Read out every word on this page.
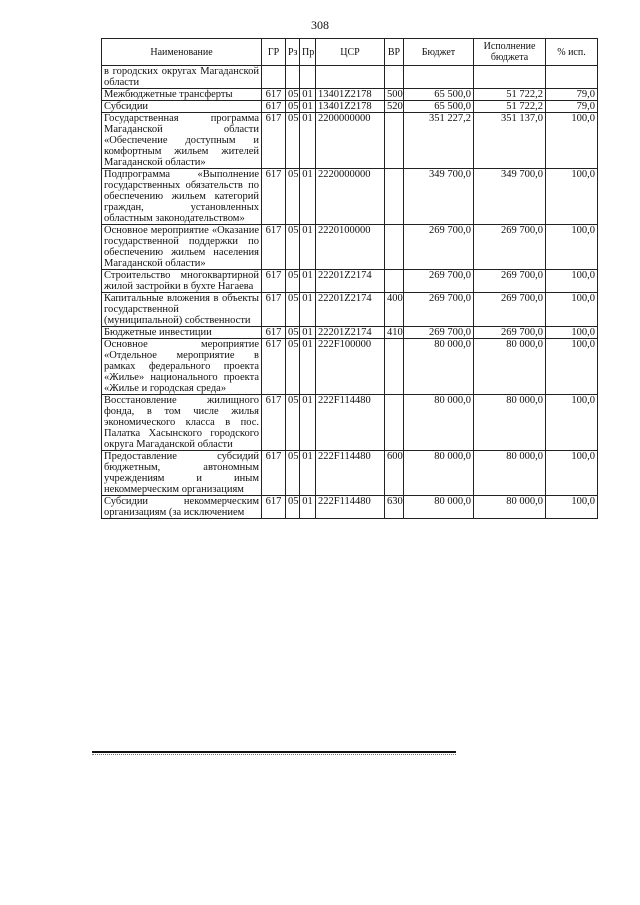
308
Наименование	ГР	Рз	Пр	ЦСР	ВР	Бюджет	Исполнение бюджета	% исп.
в городских округах Магаданской области								
Межбюджетные трансферты	617	05	01	13401Z2178	500	65 500,0	51 722,2	79,0
Субсидии	617	05	01	13401Z2178	520	65 500,0	51 722,2	79,0
Государственная программа Магаданской области «Обеспечение доступным и комфортным жильем жителей Магаданской области»	617	05	01	2200000000		351 227,2	351 137,0	100,0
Подпрограмма «Выполнение государственных обязательств по обеспечению жильем категорий граждан, установленных областным законодательством»	617	05	01	2220000000		349 700,0	349 700,0	100,0
Основное мероприятие «Оказание государственной поддержки по обеспечению жильем населения Магаданской области»	617	05	01	2220100000		269 700,0	269 700,0	100,0
Строительство многоквартирной жилой застройки в бухте Нагаева	617	05	01	22201Z2174		269 700,0	269 700,0	100,0
Капитальные вложения в объекты государственной (муниципальной) собственности	617	05	01	22201Z2174	400	269 700,0	269 700,0	100,0
Бюджетные инвестиции	617	05	01	22201Z2174	410	269 700,0	269 700,0	100,0
Основное мероприятие «Отдельное мероприятие в рамках федерального проекта «Жилье» национального проекта «Жилье и городская среда»	617	05	01	222F100000		80 000,0	80 000,0	100,0
Восстановление жилищного фонда, в том числе жилья экономического класса в пос. Палатка Хасынского городского округа Магаданской области	617	05	01	222F114480		80 000,0	80 000,0	100,0
Предоставление субсидий бюджетным, автономным учреждениям и иным некоммерческим организациям	617	05	01	222F114480	600	80 000,0	80 000,0	100,0
Субсидии некоммерческим организациям (за исключением	617	05	01	222F114480	630	80 000,0	80 000,0	100,0
